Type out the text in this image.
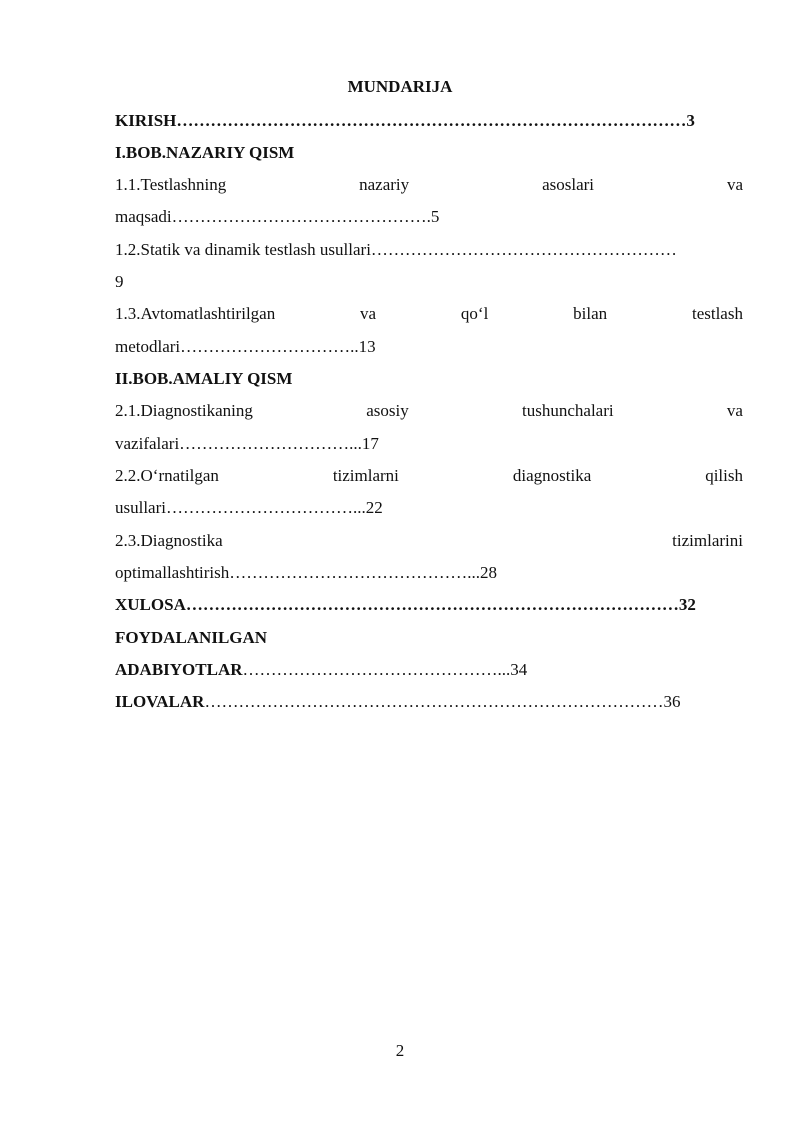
MUNDARIJA
KIRISH………………………………………………………………………………3
I.BOB.NAZARIY QISM
1.1.Testlashning	nazariy	asoslari	va
maqsadi……………………………………….5
1.2.Statik va dinamik testlash usullari………………………………………………
9
1.3.Avtomatlashtirilgan	va	qo‘l	bilan	testlash
metodlari…………………………..13
II.BOB.AMALIY QISM
2.1.Diagnostikaning	asosiy	tushunchalari	va
vazifalari…………………………...17
2.2.O‘rnatilgan	tizimlarni	diagnostika	qilish
usullari……………………………...22
2.3.Diagnostika	tizimlarini
optimallashtirish……………………………………...28
XULOSA……………………………………………………………………………32
FOYDALANILGAN
ADABIYOTLAR………………………………………...34
ILOVALAR………………………………………………………………………36
2
